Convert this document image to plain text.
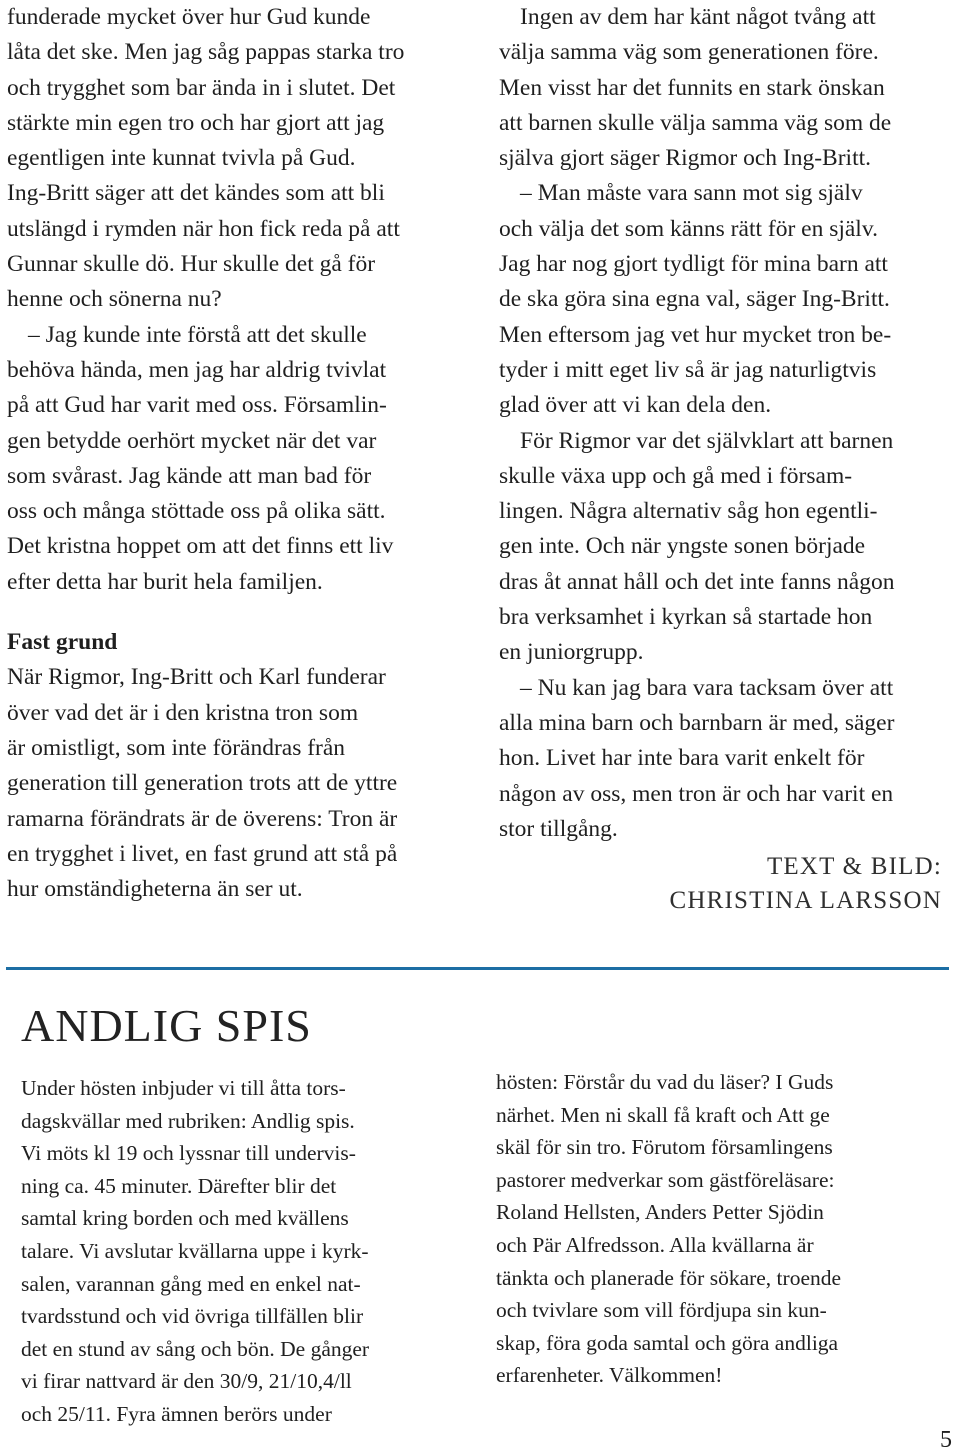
funderade mycket över hur Gud kunde
låta det ske. Men jag såg pappas starka tro
och trygghet som bar ända in i slutet. Det
stärkte min egen tro och har gjort att jag
egentligen inte kunnat tvivla på Gud.
Ing-Britt säger att det kändes som att bli
utslängd i rymden när hon fick reda på att
Gunnar skulle dö. Hur skulle det gå för
henne och sönerna nu?
– Jag kunde inte förstå att det skulle
behöva hända, men jag har aldrig tvivlat
på att Gud har varit med oss. Församlin-
gen betydde oerhört mycket när det var
som svårast. Jag kände att man bad för
oss och många stöttade oss på olika sätt.
Det kristna hoppet om att det finns ett liv
efter detta har burit hela familjen.

Fast grund

När Rigmor, Ing-Britt och Karl funderar
över vad det är i den kristna tron som
är omistligt, som inte förändras från
generation till generation trots att de yttre
ramarna förändrats är de överens: Tron är
en trygghet i livet, en fast grund att stå på
hur omständigheterna än ser ut.
Ingen av dem har känt något tvång att
välja samma väg som generationen före.
Men visst har det funnits en stark önskan
att barnen skulle välja samma väg som de
själva gjort säger Rigmor och Ing-Britt.
– Man måste vara sann mot sig själv
och välja det som känns rätt för en själv.
Jag har nog gjort tydligt för mina barn att
de ska göra sina egna val, säger Ing-Britt.
Men eftersom jag vet hur mycket tron be-
tyder i mitt eget liv så är jag naturligtvis
glad över att vi kan dela den.
För Rigmor var det självklart att barnen
skulle växa upp och gå med i försam-
lingen. Några alternativ såg hon egentli-
gen inte. Och när yngste sonen började
dras åt annat håll och det inte fanns någon
bra verksamhet i kyrkan så startade hon
en juniorgrupp.
– Nu kan jag bara vara tacksam över att
alla mina barn och barnbarn är med, säger
hon. Livet har inte bara varit enkelt för
någon av oss, men tron är och har varit en
stor tillgång.
TEXT & BILD:
CHRISTINA LARSSON
ANDLIG SPIS
Under hösten inbjuder vi till åtta tors-
dagskvällar med rubriken: Andlig spis.
Vi möts kl 19 och lyssnar till undervis-
ning ca. 45 minuter. Därefter blir det
samtal kring borden och med kvällens
talare. Vi avslutar kvällarna uppe i kyrk-
salen, varannan gång med en enkel nat-
tvardsstund och vid övriga tillfällen blir
det en stund av sång och bön. De gånger
vi firar nattvard är den 30/9, 21/10,4/ll
och 25/11. Fyra ämnen berörs under
hösten: Förstår du vad du läser? I Guds
närhet. Men ni skall få kraft och Att ge
skäl för sin tro. Förutom församlingens
pastorer medverkar som gästföreläsare:
Roland Hellsten, Anders Petter Sjödin
och Pär Alfredsson. Alla kvällarna är
tänkta och planerade för sökare, troende
och tvivlare som vill fördjupa sin kun-
skap, föra goda samtal och göra andliga
erfarenheter. Välkommen!
5
